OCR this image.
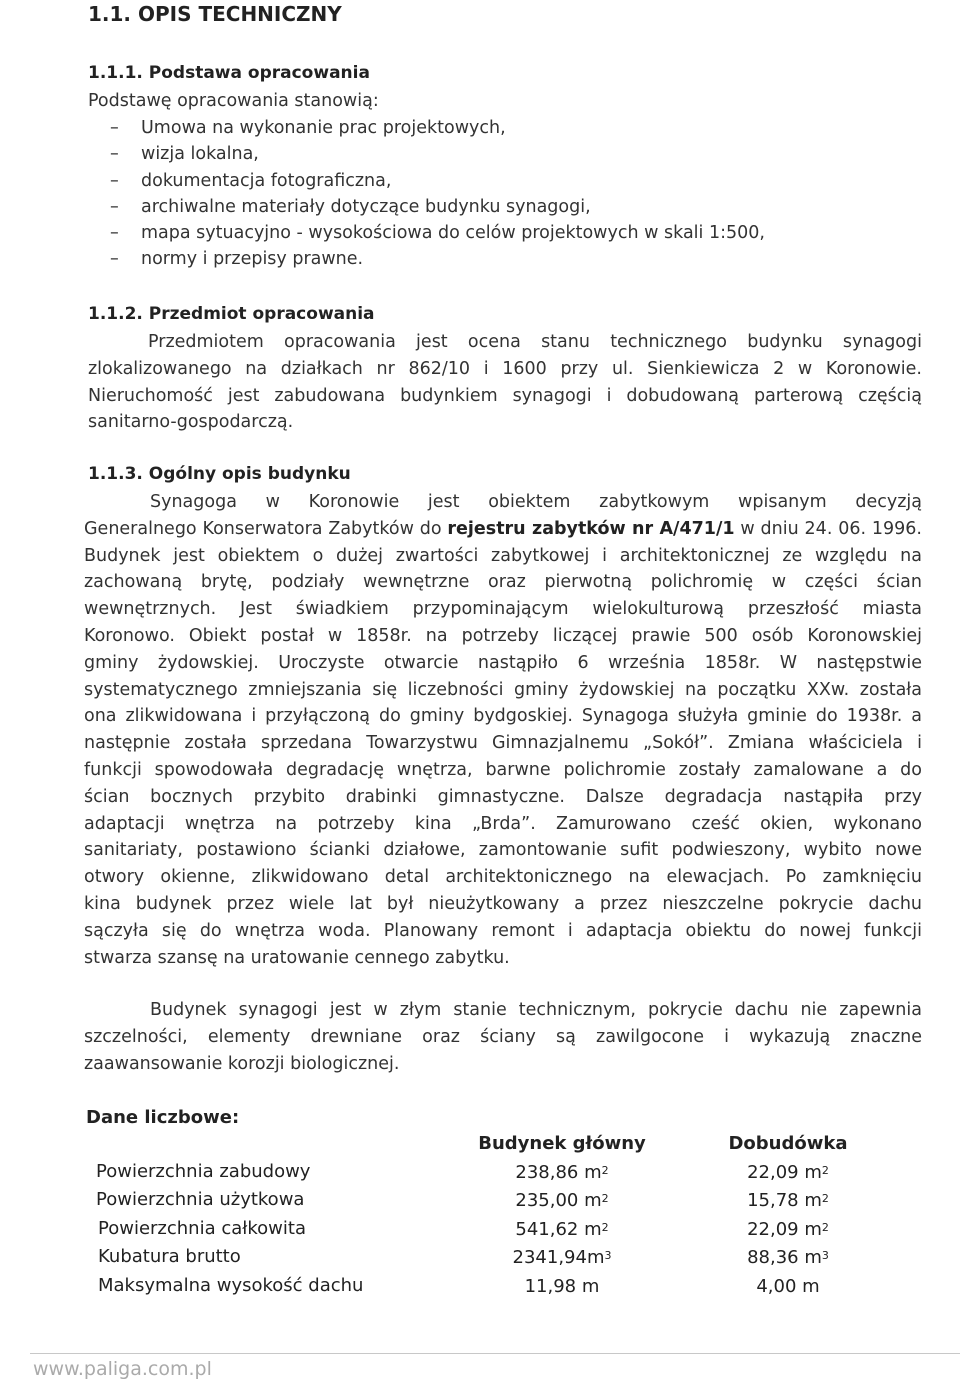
1.1. OPIS TECHNICZNY
1.1.1. Podstawa opracowania
Podstawę opracowania stanowią:
–	Umowa na wykonanie prac projektowych,
–	wizja lokalna,
–	dokumentacja fotograficzna,
–	archiwalne materiały dotyczące budynku synagogi,
–	mapa sytuacyjno - wysokościowa do celów projektowych w skali 1:500,
–	normy i przepisy prawne.
1.1.2. Przedmiot opracowania
Przedmiotem opracowania jest ocena stanu technicznego budynku synagogi
zlokalizowanego na działkach nr 862/10 i 1600 przy ul. Sienkiewicza 2 w Koronowie.
Nieruchomość jest zabudowana budynkiem synagogi i dobudowaną parterową częścią
sanitarno-gospodarczą.
1.1.3. Ogólny opis budynku
Synagoga w Koronowie jest obiektem zabytkowym wpisanym decyzją
Generalnego Konserwatora Zabytków do rejestru zabytków nr A/471/1 w dniu 24. 06. 1996.
Budynek jest obiektem o dużej zwartości zabytkowej i architektonicznej ze względu na
zachowaną brytę, podziały wewnętrzne oraz pierwotną polichromię w części ścian
wewnętrznych. Jest świadkiem przypominającym wielokulturową przeszłość miasta
Koronowo. Obiekt postał w 1858r. na potrzeby liczącej prawie 500 osób Koronowskiej
gminy żydowskiej. Uroczyste otwarcie nastąpiło 6 września 1858r. W następstwie
systematycznego zmniejszania się liczebności gminy żydowskiej na początku XXw. została
ona zlikwidowana i przyłączoną do gminy bydgoskiej. Synagoga służyła gminie do 1938r. a
następnie została sprzedana Towarzystwu Gimnazjalnemu „Sokół”. Zmiana właściciela i
funkcji spowodowała degradację wnętrza, barwne polichromie zostały zamalowane a do
ścian bocznych przybito drabinki gimnastyczne. Dalsze degradacja nastąpiła przy
adaptacji wnętrza na potrzeby kina „Brda”. Zamurowano cześć okien, wykonano
sanitariaty, postawiono ścianki działowe, zamontowanie sufit podwieszony, wybito nowe
otwory okienne, zlikwidowano detal architektonicznego na elewacjach. Po zamknięciu
kina budynek przez wiele lat był nieużytkowany a przez nieszczelne pokrycie dachu
sączyła się do wnętrza woda. Planowany remont i adaptacja obiektu do nowej funkcji
stwarza szansę na uratowanie cennego zabytku.
Budynek synagogi jest w złym stanie technicznym, pokrycie dachu nie zapewnia
szczelności, elementy drewniane oraz ściany są zawilgocone i wykazują znaczne
zaawansowanie korozji biologicznej.
Dane liczbowe:
	Budynek główny	Dobudówka
Powierzchnia zabudowy	238,86 $m^2$	22,09 $m^2$
Powierzchnia użytkowa	235,00 $m^2$	15,78 $m^2$
Powierzchnia całkowita	541,62 $m^2$	22,09 $m^2$
Kubatura brutto	$2341,94m^3$	88,36 $m^3$
Maksymalna wysokość dachu	11,98 m	4,00 m
www.paliga.com.pl
